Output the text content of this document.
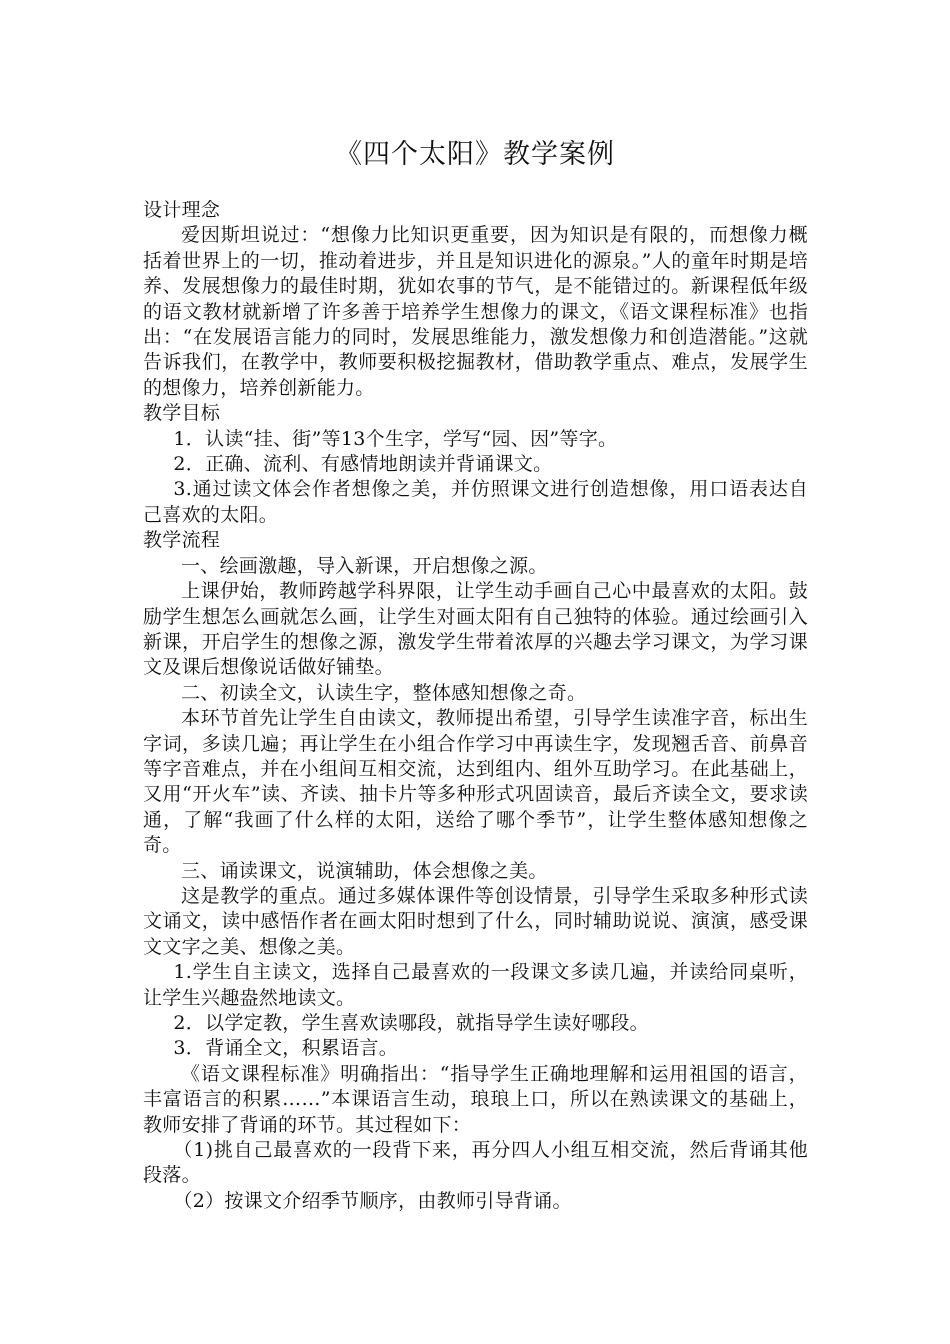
《四个太阳》教学案例

设计理念

爱因斯坦说过：“想像力比知识更重要，因为知识是有限的，而想像力概括着世界上的一切，推动着进步，并且是知识进化的源泉。”人的童年时期是培养、发展想像力的最佳时期，犹如农事的节气，是不能错过的。新课程低年级的语文教材就新增了许多善于培养学生想像力的课文，《语文课程标准》也指出：“在发展语言能力的同时，发展思维能力，激发想像力和创造潜能。”这就告诉我们，在教学中，教师要积极挖掘教材，借助教学重点、难点，发展学生的想像力，培养创新能力。

教学目标

1．认读“挂、街”等13个生字，学写“园、因”等字。

2．正确、流利、有感情地朗读并背诵课文。

3.通过读文体会作者想像之美，并仿照课文进行创造想像，用口语表达自己喜欢的太阳。

教学流程

一、绘画激趣，导入新课，开启想像之源。

上课伊始，教师跨越学科界限，让学生动手画自己心中最喜欢的太阳。鼓励学生想怎么画就怎么画，让学生对画太阳有自己独特的体验。通过绘画引入新课，开启学生的想像之源，激发学生带着浓厚的兴趣去学习课文，为学习课文及课后想像说话做好铺垫。

二、初读全文，认读生字，整体感知想像之奇。

本环节首先让学生自由读文，教师提出希望，引导学生读准字音，标出生字词，多读几遍；再让学生在小组合作学习中再读生字，发现翘舌音、前鼻音等字音难点，并在小组间互相交流，达到组内、组外互助学习。在此基础上，又用“开火车”读、齐读、抽卡片等多种形式巩固读音，最后齐读全文，要求读通，了解“我画了什么样的太阳，送给了哪个季节”，让学生整体感知想像之奇。

三、诵读课文，说演辅助，体会想像之美。

这是教学的重点。通过多媒体课件等创设情景，引导学生采取多种形式读文诵文，读中感悟作者在画太阳时想到了什么，同时辅助说说、演演，感受课文文字之美、想像之美。

1.学生自主读文，选择自己最喜欢的一段课文多读几遍，并读给同桌听，让学生兴趣盎然地读文。

2．以学定教，学生喜欢读哪段，就指导学生读好哪段。

3．背诵全文，积累语言。

《语文课程标准》明确指出：“指导学生正确地理解和运用祖国的语言，丰富语言的积累……”本课语言生动，琅琅上口，所以在熟读课文的基础上，教师安排了背诵的环节。其过程如下：

（1)挑自己最喜欢的一段背下来，再分四人小组互相交流，然后背诵其他段落。

（2）按课文介绍季节顺序，由教师引导背诵。
